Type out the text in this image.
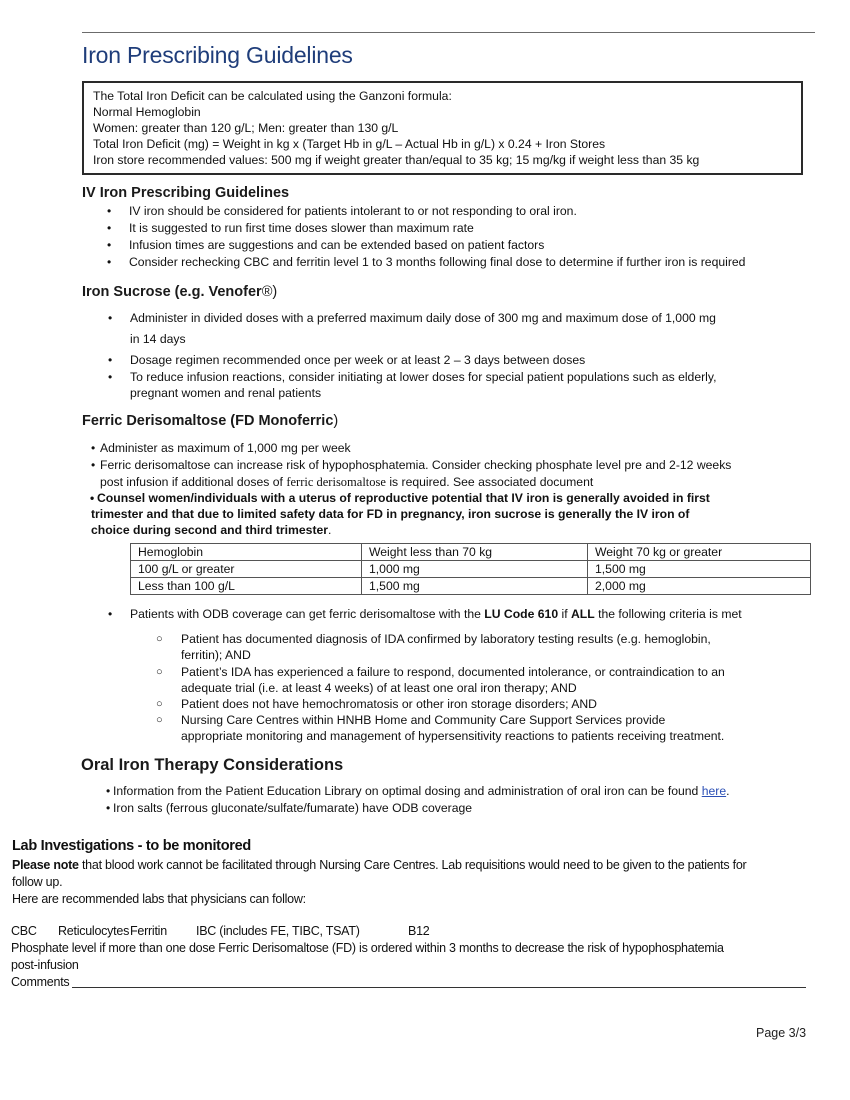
Iron Prescribing Guidelines
The Total Iron Deficit can be calculated using the Ganzoni formula:
Normal Hemoglobin
Women: greater than 120 g/L; Men: greater than 130 g/L
Total Iron Deficit (mg) = Weight in kg x (Target Hb in g/L – Actual Hb in g/L) x 0.24 + Iron Stores
Iron store recommended values: 500 mg if weight greater than/equal to 35 kg; 15 mg/kg if weight less than 35 kg
IV Iron Prescribing Guidelines
• IV iron should be considered for patients intolerant to or not responding to oral iron.
• It is suggested to run first time doses slower than maximum rate
• Infusion times are suggestions and can be extended based on patient factors
• Consider rechecking CBC and ferritin level 1 to 3 months following final dose to determine if further iron is required
Iron Sucrose (e.g. Venofer®)
• Administer in divided doses with a preferred maximum daily dose of 300 mg and maximum dose of 1,000 mg
in 14 days
• Dosage regimen recommended once per week or at least 2 – 3 days between doses
• To reduce infusion reactions, consider initiating at lower doses for special patient populations such as elderly,
pregnant women and renal patients
Ferric Derisomaltose (FD Monoferric)
• Administer as maximum of 1,000 mg per week
• Ferric derisomaltose can increase risk of hypophosphatemia. Consider checking phosphate level pre and 2-12 weeks
post infusion if additional doses of ferric derisomaltose is required. See associated document
• Counsel women/individuals with a uterus of reproductive potential that IV iron is generally avoided in first
trimester and that due to limited safety data for FD in pregnancy, iron sucrose is generally the IV iron of
choice during second and third trimester.
Hemoglobin	Weight less than 70 kg	Weight 70 kg or greater
100 g/L or greater	1,000 mg	1,500 mg
Less than 100 g/L	1,500 mg	2,000 mg
• Patients with ODB coverage can get ferric derisomaltose with the LU Code 610 if ALL the following criteria is met
○ Patient has documented diagnosis of IDA confirmed by laboratory testing results (e.g. hemoglobin,
ferritin); AND
○ Patient’s IDA has experienced a failure to respond, documented intolerance, or contraindication to an
adequate trial (i.e. at least 4 weeks) of at least one oral iron therapy; AND
○ Patient does not have hemochromatosis or other iron storage disorders; AND
○ Nursing Care Centres within HNHB Home and Community Care Support Services provide
appropriate monitoring and management of hypersensitivity reactions to patients receiving treatment.
Oral Iron Therapy Considerations
• Information from the Patient Education Library on optimal dosing and administration of oral iron can be found here.
• Iron salts (ferrous gluconate/sulfate/fumarate) have ODB coverage
Lab Investigations - to be monitored
Please note that blood work cannot be facilitated through Nursing Care Centres. Lab requisitions would need to be given to the patients for
follow up.
Here are recommended labs that physicians can follow:
CBC Reticulocytes Ferritin IBC (includes FE, TIBC, TSAT)	B12
Phosphate level if more than one dose Ferric Derisomaltose (FD) is ordered within 3 months to decrease the risk of hypophosphatemia
post-infusion
Comments
Page 3/3
